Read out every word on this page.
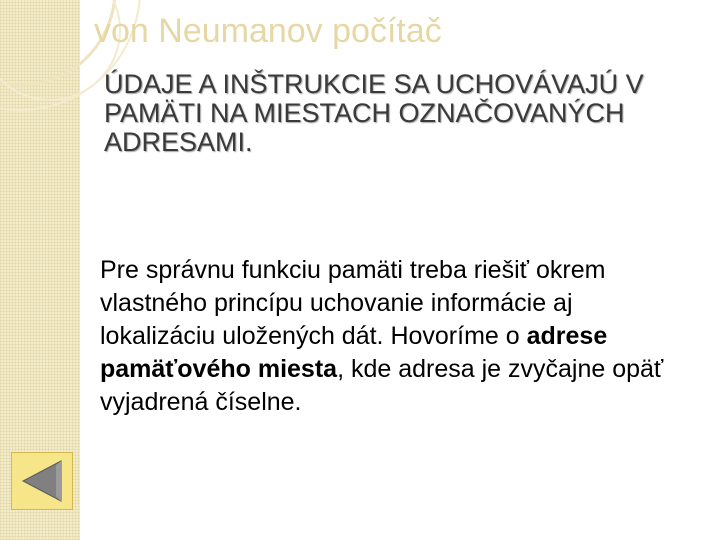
von Neumanov počítač
ÚDAJE A INŠTRUKCIE SA UCHOVÁVAJÚ V PAMÄTI NA MIESTACH OZNAČOVANÝCH ADRESAMI.

Pre správnu funkciu pamäti treba riešiť okrem vlastného princípu uchovanie informácie aj lokalizáciu uložených dát. Hovoríme o adrese pamäťového miesta, kde adresa je zvyčajne opäť vyjadrená číselne.
